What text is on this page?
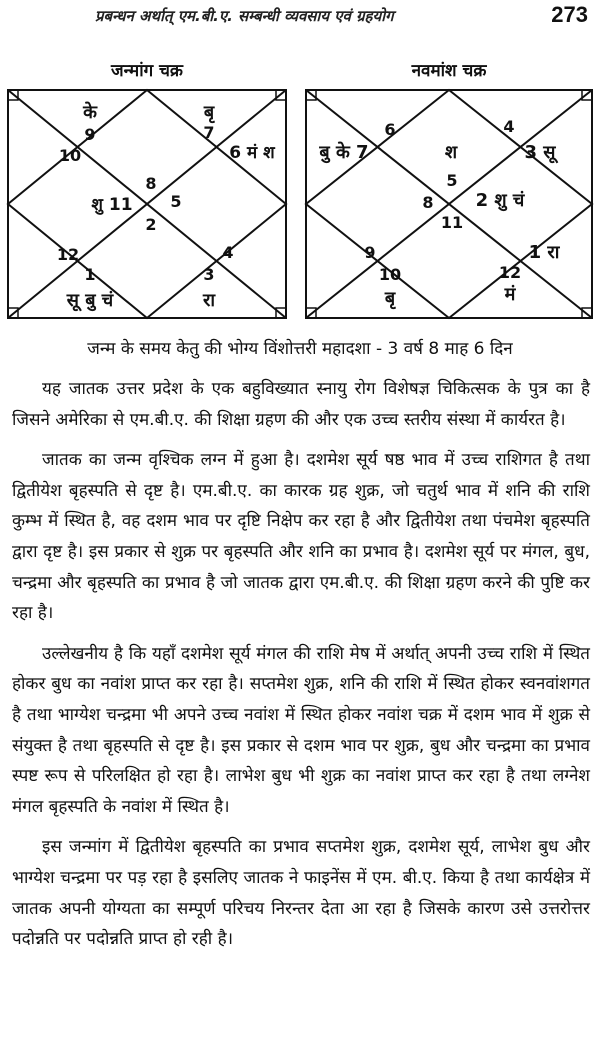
प्रबन्धन अर्थात् एम.बी.ए. सम्बन्धी व्यवसाय एवं ग्रहयोग	273
जन्मांग चक्र	नवमांश चक्र
के
9
बृ
7
6 मं श
10
8
शु 11 5
2
12
1
सू बु चं
3
रा
4
6	4
बु के 7	श	3 सू
5
8 2 शु चं
11
9	1 रा
10
बृ
12
मं
जन्म के समय केतु की भोग्य विंशोत्तरी महादशा - 3 वर्ष 8 माह 6 दिन

यह जातक उत्तर प्रदेश के एक बहुविख्यात स्नायु रोग विशेषज्ञ चिकित्सक के पुत्र का है जिसने अमेरिका से एम.बी.ए. की शिक्षा ग्रहण की और एक उच्च स्तरीय संस्था में कार्यरत है।

जातक का जन्म वृश्चिक लग्न में हुआ है। दशमेश सूर्य षष्ठ भाव में उच्च राशिगत है तथा द्वितीयेश बृहस्पति से दृष्ट है। एम.बी.ए. का कारक ग्रह शुक्र, जो चतुर्थ भाव में शनि की राशि कुम्भ में स्थित है, वह दशम भाव पर दृष्टि निक्षेप कर रहा है और द्वितीयेश तथा पंचमेश बृहस्पति द्वारा दृष्ट है। इस प्रकार से शुक्र पर बृहस्पति और शनि का प्रभाव है। दशमेश सूर्य पर मंगल, बुध, चन्द्रमा और बृहस्पति का प्रभाव है जो जातक द्वारा एम.बी.ए. की शिक्षा ग्रहण करने की पुष्टि कर रहा है।

उल्लेखनीय है कि यहाँ दशमेश सूर्य मंगल की राशि मेष में अर्थात् अपनी उच्च राशि में स्थित होकर बुध का नवांश प्राप्त कर रहा है। सप्तमेश शुक्र, शनि की राशि में स्थित होकर स्वनवांशगत है तथा भाग्येश चन्द्रमा भी अपने उच्च नवांश में स्थित होकर नवांश चक्र में दशम भाव में शुक्र से संयुक्त है तथा बृहस्पति से दृष्ट है। इस प्रकार से दशम भाव पर शुक्र, बुध और चन्द्रमा का प्रभाव स्पष्ट रूप से परिलक्षित हो रहा है। लाभेश बुध भी शुक्र का नवांश प्राप्त कर रहा है तथा लग्नेश मंगल बृहस्पति के नवांश में स्थित है।

इस जन्मांग में द्वितीयेश बृहस्पति का प्रभाव सप्तमेश शुक्र, दशमेश सूर्य, लाभेश बुध और भाग्येश चन्द्रमा पर पड़ रहा है इसलिए जातक ने फाइनेंस में एम. बी.ए. किया है तथा कार्यक्षेत्र में जातक अपनी योग्यता का सम्पूर्ण परिचय निरन्तर देता आ रहा है जिसके कारण उसे उत्तरोत्तर पदोन्नति पर पदोन्नति प्राप्त हो रही है।
